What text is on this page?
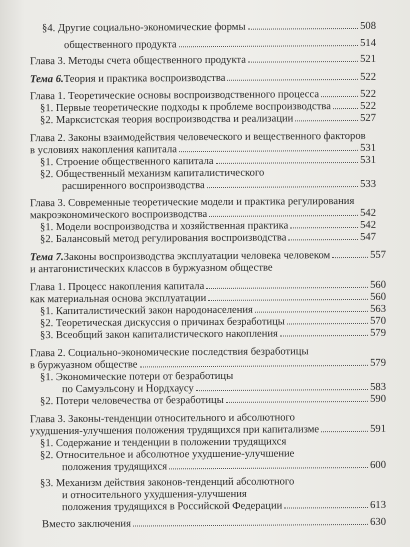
§4. Другие социально-экономические формы	508
общественного продукта	514
Глава 3. Методы счета общественного продукта	521
Тема 6. Теория и практика воспроизводства	522
Глава 1. Теоретические основы воспроизводственного процесса	522
§1. Первые теоретические подходы к проблеме воспроизводства	522
§2. Марксистская теория воспроизводства и реализации	527
Глава 2. Законы взаимодействия человеческого и вещественного факторов
в условиях накопления капитала	531
§1. Строение общественного капитала	531
§2. Общественный механизм капиталистического
расширенного воспроизводства	533
Глава 3. Современные теоретические модели и практика регулирования
макроэкономического воспроизводства	542
§1. Модели воспроизводства и хозяйственная практика	542
§2. Балансовый метод регулирования воспроизводства	547
Тема 7. Законы воспроизводства эксплуатации человека человеком	557
и антагонистических классов в буржуазном обществе
Глава 1. Процесс накопления капитала	560
как материальная основа эксплуатации	560
§1. Капиталистический закон народонаселения	563
§2. Теоретическая дискуссия о причинах безработицы	570
§3. Всеобщий закон капиталистического накопления	579
Глава 2. Социально-экономические последствия безработицы
в буржуазном обществе	579
§1. Экономические потери от безработицы
по Самуэльсону и Нордхаусу	583
§2. Потери человечества от безработицы	590
Глава 3. Законы-тенденции относительного и абсолютного
ухудшения-улучшения положения трудящихся при капитализме	591
§1. Содержание и тенденции в положении трудящихся
§2. Относительное и абсолютное ухудшение-улучшение
положения трудящихся	600
§3. Механизм действия законов-тенденций абсолютного
и относительного ухудшения-улучшения
положения трудящихся в Российской Федерации	613
Вместо заключения	630
